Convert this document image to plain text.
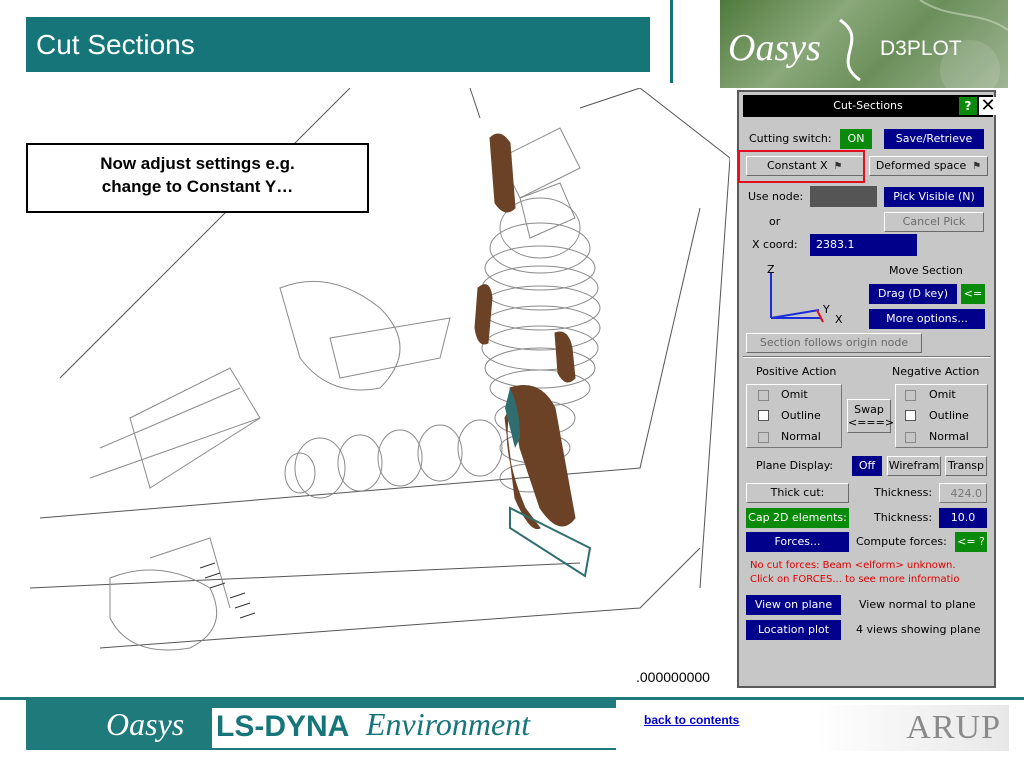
Cut Sections	Oasys	D3PLOT
.000000000
Now adjust settings e.g.
change to Constant Y…
Cut-Sections	? ✕
Cutting switch:	ON	Save/Retrieve
Constant X ⚑	Deformed space ⚑
Use node:	Pick Visible (N)
or	Cancel Pick
X coord:	2383.1
Z
Y
X
Move Section
Drag (D key)	<=
More options...
Section follows origin node
Positive Action	Negative Action
Omit
Outline
Normal
Swap
<===>
Omit
Outline
Normal
Plane Display:	Off	Wirefram Transp
Thick cut:	Thickness:	424.0
Cap 2D elements: Thickness:	10.0
Forces...	Compute forces: <= ?
No cut forces: Beam <elform> unknown.
Click on FORCES... to see more informatio
View on plane	View normal to plane
Location plot	4 views showing plane
Oasys LS-DYNA Environment	back to contents	ARUP
